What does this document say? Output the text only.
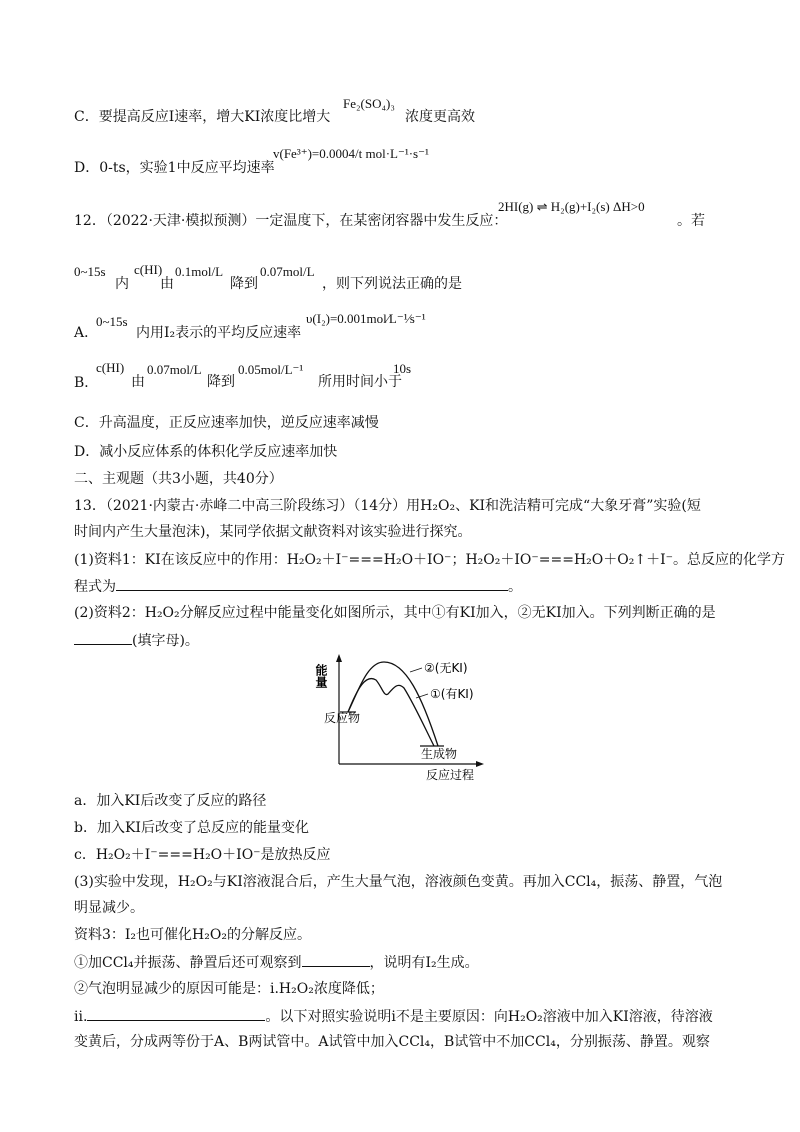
C．要提高反应Ⅰ速率，增大KI浓度比增大
Fe₂(SO₄)₃
浓度更高效
D．0-ts，实验1中反应平均速率
v(Fe³⁺)=0.0004/t mol·L⁻¹·s⁻¹
12．（2022·天津·模拟预测）一定温度下，在某密闭容器中发生反应：
2HI(g) ⇌ H₂(g)+I₂(s) ΔH>0
。若
0~15s
内
c(HI)
由
0.1mol/L
降到
0.07mol/L
，则下列说法正确的是
A．
0~15s
内用I₂表示的平均反应速率
υ(I₂)=0.001mol⁄L⁻¹⁄s⁻¹
B．
c(HI)
由
0.07mol/L
降到
0.05mol/L⁻¹
所用时间小于
10s
C．升高温度，正反应速率加快，逆反应速率减慢
D．减小反应体系的体积化学反应速率加快
二、主观题（共3小题，共40分）
13．（2021·内蒙古·赤峰二中高三阶段练习）（14分）用H₂O₂、KI和洗洁精可完成“大象牙膏”实验(短
时间内产生大量泡沫)，某同学依据文献资料对该实验进行探究。
(1)资料1：KI在该反应中的作用：H₂O₂＋I⁻===H₂O＋IO⁻；H₂O₂＋IO⁻===H₂O＋O₂↑＋I⁻。总反应的化学方
程式为	。
(2)资料2：H₂O₂分解反应过程中能量变化如图所示，其中①有KI加入，②无KI加入。下列判断正确的是
(填字母)。
能量	②(无KI)
①(有KI)
反应物
生成物
反应过程
a．加入KI后改变了反应的路径
b．加入KI后改变了总反应的能量变化
c．H₂O₂＋I⁻===H₂O＋IO⁻是放热反应
(3)实验中发现，H₂O₂与KI溶液混合后，产生大量气泡，溶液颜色变黄。再加入CCl₄，振荡、静置，气泡
明显减少。
资料3：I₂也可催化H₂O₂的分解反应。
①加CCl₄并振荡、静置后还可观察到	，说明有I₂生成。
②气泡明显减少的原因可能是：i.H₂O₂浓度降低；
ii.	。以下对照实验说明ⅰ不是主要原因：向H₂O₂溶液中加入KI溶液，待溶液
变黄后，分成两等份于A、B两试管中。A试管中加入CCl₄，B试管中不加CCl₄，分别振荡、静置。观察
